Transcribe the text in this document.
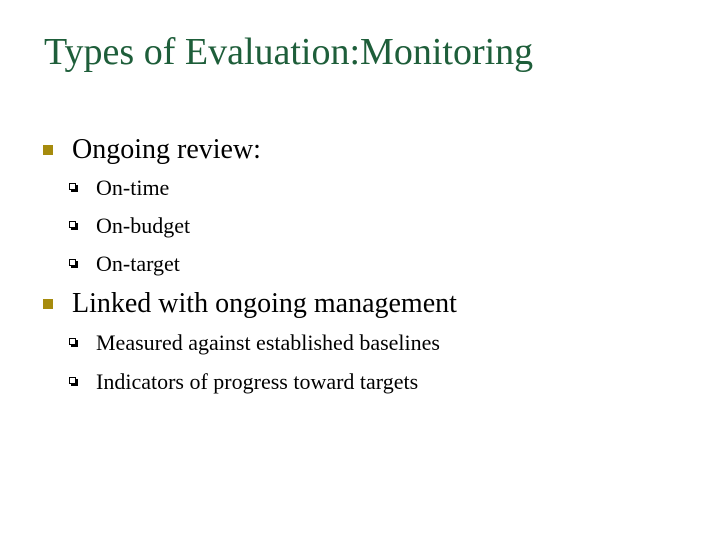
Types of Evaluation:Monitoring
Ongoing review:
On-time
On-budget
On-target
Linked with ongoing management
Measured against established baselines
Indicators of progress toward targets
